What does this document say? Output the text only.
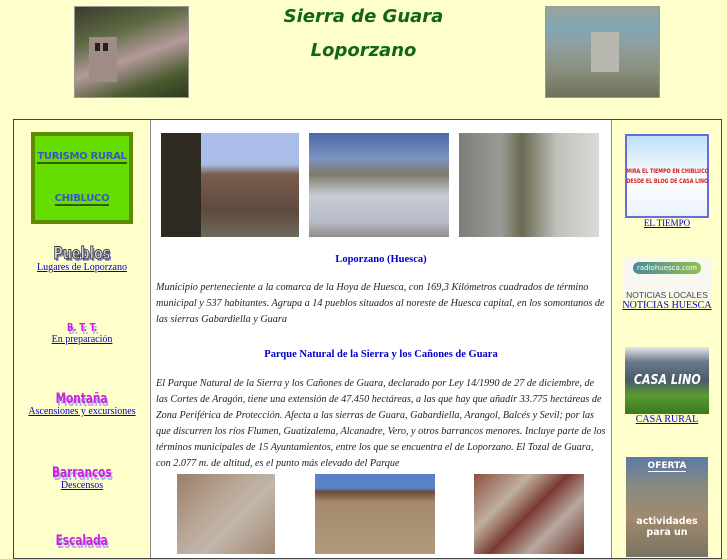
Sierra de Guara
Loporzano
TURISMO RURAL
CHIBLUCO
Pueblos
Lugares de Loporzano
B. T. T.
En preparación
Montaña
Ascensiones y excursiones
Barrancos
Descensos
Escalada

Loporzano (Huesca)

Municipio perteneciente a la comarca de la Hoya de Huesca, con 169,3 Kilómetros cuadrados de término municipal y 537 habitantes. Agrupa a 14 pueblos situados al noreste de Huesca capital, en los somontanos de las sierras Gabardiella y Guara

Parque Natural de la Sierra y los Cañones de Guara

El Parque Natural de la Sierra y los Cañones de Guara, declarado por Ley 14/1990 de 27 de diciembre, de las Cortes de Aragón, tiene una extensión de 47.450 hectáreas, a las que hay que añadir 33.775 hectáreas de Zona Periférica de Protección. Afecta a las sierras de Guara, Gabardiella, Arangol, Balcés y Sevil; por las que discurren los ríos Flumen, Guatizalema, Alcanadre, Vero, y otros barrancos menores. Incluye parte de los términos municipales de 15 Ayuntamientos, entre los que se encuentra el de Loporzano. El Tozal de Guara, con 2.077 m. de altitud, es el punto más elevado del Parque

MIRA EL TIEMPO EN CHIBLUCO
DESDE EL BLOG DE CASA LINO
EL TIEMPO
radiohuesca.com
NOTICIAS LOCALES
NOTICIAS HUESCA
CASA LINO
CASA RURAL
OFERTA
actividades
para un
